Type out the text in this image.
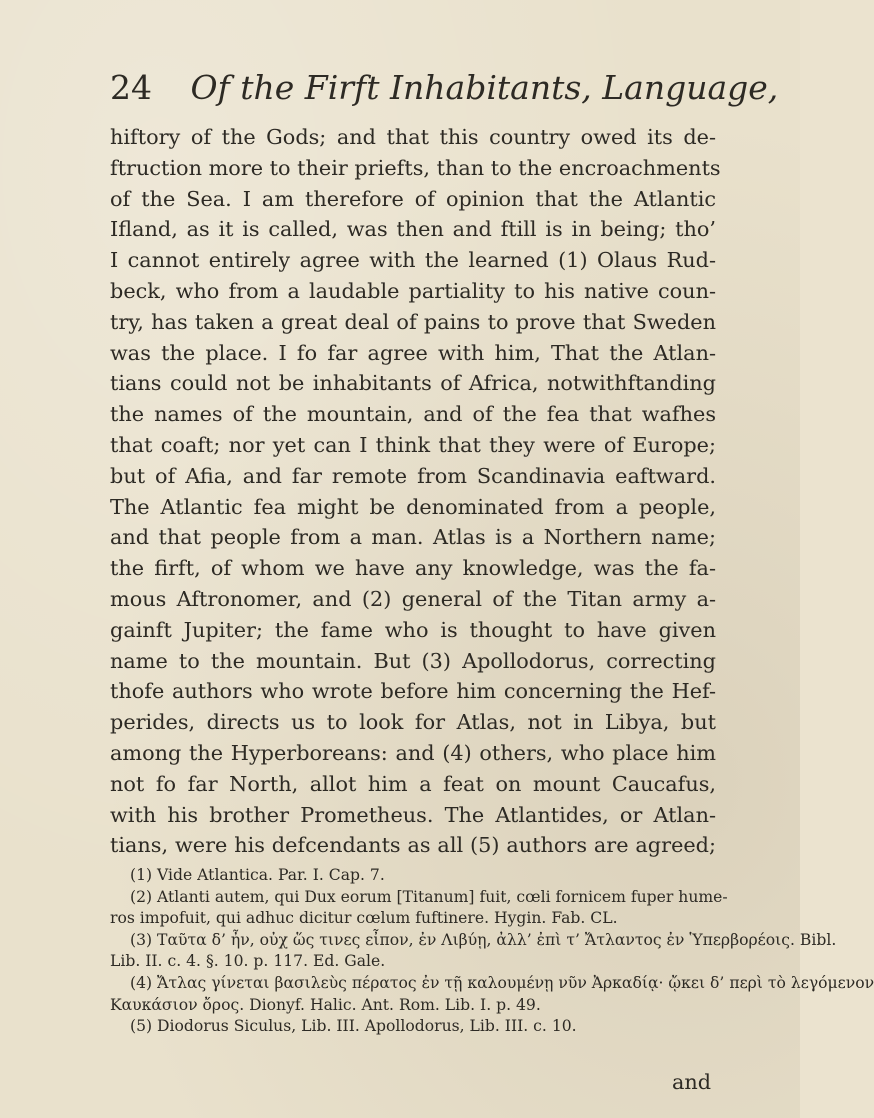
24 Of the Firft Inhabitants, Language,
hiftory of the Gods; and that this country owed its de-
ftruction more to their priefts, than to the encroachments
of the Sea. I am therefore of opinion that the Atlantic
Ifland, as it is called, was then and ftill is in being; tho’
I cannot entirely agree with the learned (1) Olaus Rud-
beck, who from a laudable partiality to his native coun-
try, has taken a great deal of pains to prove that Sweden
was the place. I fo far agree with him, That the Atlan-
tians could not be inhabitants of Africa, notwithftanding
the names of the mountain, and of the fea that wafhes
that coaft; nor yet can I think that they were of Europe;
but of Afia, and far remote from Scandinavia eaftward.
The Atlantic fea might be denominated from a people,
and that people from a man. Atlas is a Northern name;
the firft, of whom we have any knowledge, was the fa-
mous Aftronomer, and (2) general of the Titan army a-
gainft Jupiter; the fame who is thought to have given
name to the mountain. But (3) Apollodorus, correcting
thofe authors who wrote before him concerning the Hef-
perides, directs us to look for Atlas, not in Libya, but
among the Hyperboreans: and (4) others, who place him
not fo far North, allot him a feat on mount Caucafus,
with his brother Prometheus. The Atlantides, or Atlan-
tians, were his defcendants as all (5) authors are agreed;
(1) Vide Atlantica. Par. I. Cap. 7.
(2) Atlanti autem, qui Dux eorum [Titanum] fuit, cœli fornicem fuper hume-
ros impofuit, qui adhuc dicitur cœlum fuftinere. Hygin. Fab. CL.
(3) Ταῦτα δ’ ἦν, οὐχ ὥς τινες εἶπον, ἐν Λιβύῃ, ἀλλ’ ἐπὶ τ’ Ἄτλαντος ἐν Ὑπερβορέοις. Bibl.
Lib. II. c. 4. §. 10. p. 117. Ed. Gale.
(4) Ἄτλας γίνεται βασιλεὺς πέρατος ἐν τῇ καλουμένῃ νῦν Ἀρκαδίᾳ· ᾤκει δ’ περὶ τὸ λεγόμενον
Καυκάσιον ὄρος. Dionyf. Halic. Ant. Rom. Lib. I. p. 49.
(5) Diodorus Siculus, Lib. III. Apollodorus, Lib. III. c. 10.
and
